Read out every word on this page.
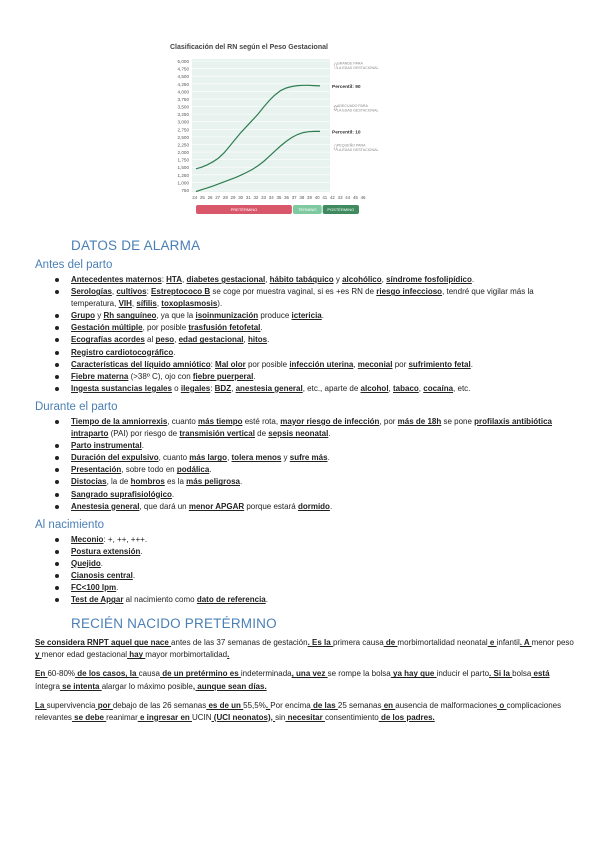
Clasificación del RN según el Peso Gestacional
5,000
4,750
4,500
4,250
4,000
3,750
3,500
3,250
3,000
2,750
2,500
2,250
2,000
1,750
1,500
1,250
1,000
750
24 25 26 27 28 29 30 31 32 33 34 35 36 37 38 39 40 41 42 43 44 45 46
Percentil: 90
Percentil: 10
GRANDE PARA
LA EDAD GESTACIONAL
⇧
ADECUADO PARA
LA EDAD GESTACIONAL
⇕
PEQUEÑO PARA
LA EDAD GESTACIONAL
⇩
PRETÉRMINO	TÉRMINO	POSTÉRMINO
DATOS DE ALARMA
Antes del parto
Antecedentes maternos: HTA, diabetes gestacional, hábito tabáquico y alcohólico, síndrome fosfolipídico.
Serologías, cultivos: Estreptococo B se coge por muestra vaginal, si es +es RN de riesgo infeccioso, tendré que vigilar más la temperatura, VIH, sífilis, toxoplasmosis).
Grupo y Rh sanguíneo, ya que la isoinmunización produce ictericia.
Gestación múltiple, por posible trasfusión fetofetal.
Ecografías acordes al peso, edad gestacional, hitos.
Registro cardiotocográfico.
Características del líquido amniótico: Mal olor por posible infección uterina, meconial por sufrimiento fetal.
Fiebre materna (>38º C), ojo con fiebre puerperal.
Ingesta sustancias legales o ilegales: BDZ, anestesia general, etc., aparte de alcohol, tabaco, cocaína, etc.
Durante el parto
Tiempo de la amniorrexis, cuanto más tiempo esté rota, mayor riesgo de infección, por más de 18h se pone profilaxis antibiótica intraparto (PAI) por riesgo de transmisión vertical de sepsis neonatal.
Parto instrumental.
Duración del expulsivo, cuanto más largo, tolera menos y sufre más.
Presentación, sobre todo en podálica.
Distocias, la de hombros es la más peligrosa.
Sangrado suprafisiológico.
Anestesia general, que dará un menor APGAR porque estará dormido.
Al nacimiento
Meconio: +, ++, +++.
Postura extensión.
Quejido.
Cianosis central.
FC<100 lpm.
Test de Apgar al nacimiento como dato de referencia.
RECIÉN NACIDO PRETÉRMINO

Se considera RNPT aquel que nace antes de las 37 semanas de gestación. Es la primera causa de morbimortalidad neonatal e infantil. A menor peso y menor edad gestacional hay mayor morbimortalidad.

En 60-80% de los casos, la causa de un pretérmino es indeterminada, una vez se rompe la bolsa ya hay que inducir el parto. Si la bolsa está íntegra se intenta alargar lo máximo posible, aunque sean días.

La supervivencia por debajo de las 26 semanas es de un 55,5%. Por encima de las 25 semanas en ausencia de malformaciones o complicaciones relevantes se debe reanimar e ingresar en UCIN (UCI neonatos), sin necesitar consentimiento de los padres.
